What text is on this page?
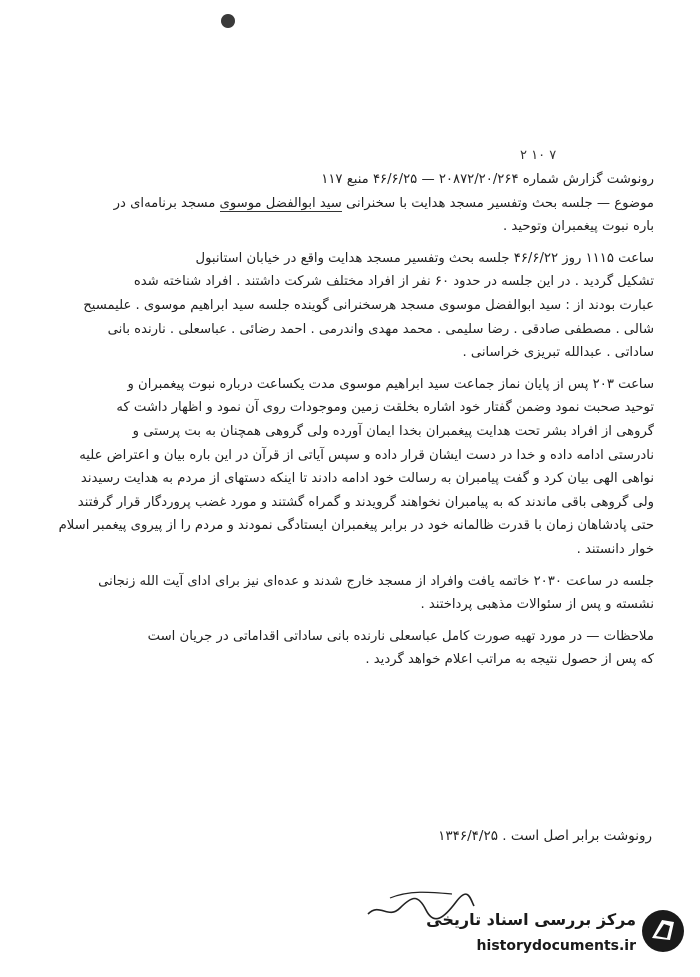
۲ ۱۰ ۷

رونوشت گزارش شماره ۲۰۸۷۲/۲۰/۲۶۴ — ۴۶/۶/۲۵ منبع ۱۱۷

موضوع — جلسه بحث وتفسیر مسجد هدایت با سخنرانی سید ابوالفضل موسوی مسجد برنامه‌ای در

باره نبوت پیغمبران وتوحید .

ساعت ۱۱۱۵ روز ۴۶/۶/۲۲ جلسه بحث وتفسیر مسجد هدایت واقع در خیابان استانبول
تشکیل گردید . در این جلسه در حدود ۶۰ نفر از افراد مختلف شرکت داشتند . افراد شناخته شده
عبارت بودند از : سید ابوالفضل موسوی مسجد هرسخنرانی گوینده جلسه سید ابراهیم موسوی . علیمسیح
شالی . مصطفی صادقی . رضا سلیمی . محمد مهدی واندرمی . احمد رضائی . عباسعلی . نارنده بانی
ساداتی . عبدالله تبریزی خراسانی .
ساعت ۲۰۳ پس از پایان نماز جماعت سید ابراهیم موسوی مدت یکساعت درباره نبوت پیغمبران و
توحید صحبت نمود وضمن گفتار خود اشاره بخلقت زمین وموجودات روی آن نمود و اظهار داشت که
گروهی از افراد بشر تحت هدایت پیغمبران بخدا ایمان آورده ولی گروهی همچنان به بت پرستی و
نادرستی ادامه داده و خدا در دست ایشان قرار داده و سپس آیاتی از قرآن در این باره بیان و اعتراض علیه
نواهی الهی بیان کرد و گفت پیامبران به رسالت خود ادامه دادند تا اینکه دستهای از مردم به هدایت رسیدند
ولی گروهی باقی ماندند که به پیامبران نخواهند گرویدند و گمراه گشتند و مورد غضب پروردگار قرار گرفتند
حتی پادشاهان زمان با قدرت ظالمانه خود در برابر پیغمبران ایستادگی نمودند و مردم را از پیروی پیغمبر اسلام
خوار دانستند .
جلسه در ساعت ۲۰۳۰ خاتمه یافت وافراد از مسجد خارج شدند و عده‌ای نیز برای ادای آیت الله زنجانی
نشسته و پس از سئوالات مذهبی پرداختند .
ملاحظات — در مورد تهیه صورت کامل عباسعلی نارنده بانی ساداتی اقداماتی در جریان است
که پس از حصول نتیجه به مراتب اعلام خواهد گردید .
رونوشت برابر اصل است . ۱۳۴۶/۴/۲۵
مرکز بررسی اسناد تاریخی
historydocuments.ir
